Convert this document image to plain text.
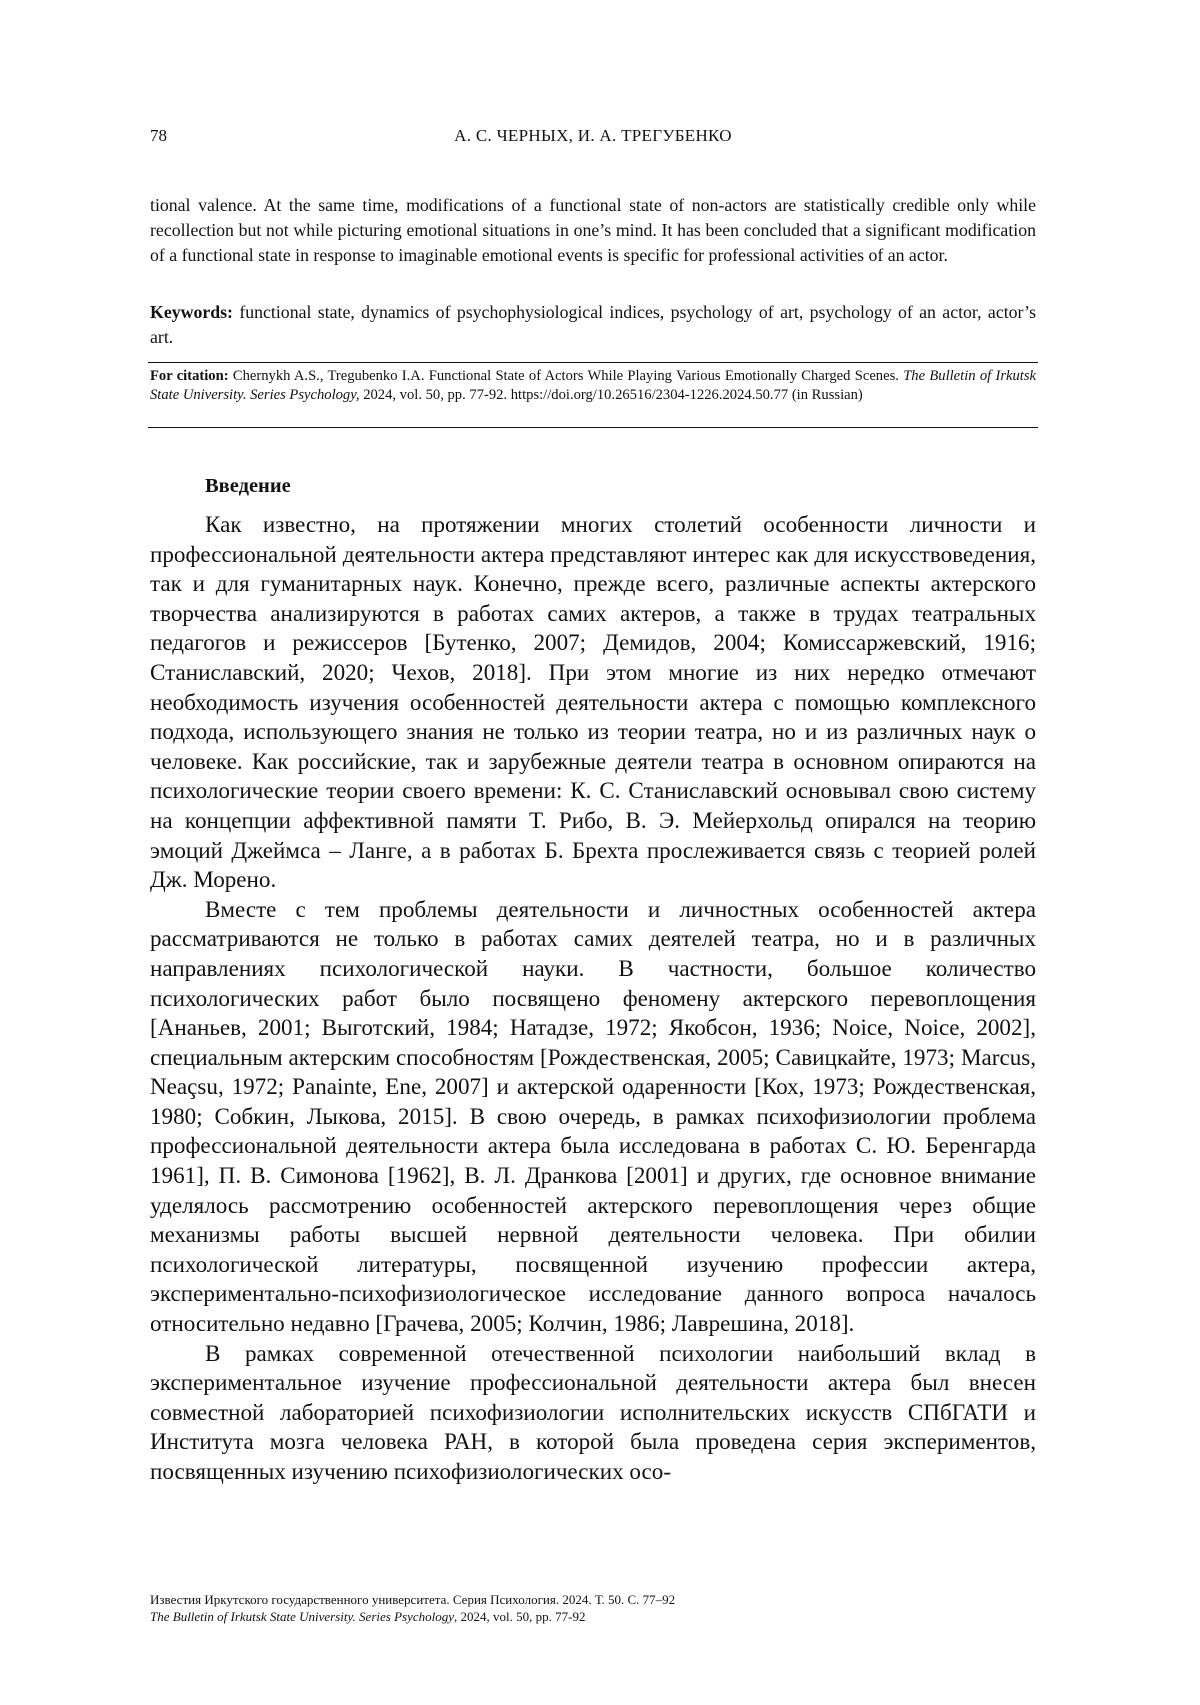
78	А. С. ЧЕРНЫХ, И. А. ТРЕГУБЕНКО
tional valence. At the same time, modifications of a functional state of non-actors are statistically credible only while recollection but not while picturing emotional situations in one’s mind. It has been concluded that a significant modification of a functional state in response to imaginable emotional events is specific for professional activities of an actor.
Keywords: functional state, dynamics of psychophysiological indices, psychology of art, psychology of an actor, actor’s art.
For citation: Chernykh A.S., Tregubenko I.A. Functional State of Actors While Playing Various Emotionally Charged Scenes. The Bulletin of Irkutsk State University. Series Psychology, 2024, vol. 50, pp. 77-92. https://doi.org/10.26516/2304-1226.2024.50.77 (in Russian)
Введение

Как известно, на протяжении многих столетий особенности личности и профессиональной деятельности актера представляют интерес как для искусствоведения, так и для гуманитарных наук. Конечно, прежде всего, различные аспекты актерского творчества анализируются в работах самих актеров, а также в трудах театральных педагогов и режиссеров [Бутенко, 2007; Демидов, 2004; Комиссаржевский, 1916; Станиславский, 2020; Чехов, 2018]. При этом многие из них нередко отмечают необходимость изучения особенностей деятельности актера с помощью комплексного подхода, использующего знания не только из теории театра, но и из различных наук о человеке. Как российские, так и зарубежные деятели театра в основном опираются на психологические теории своего времени: К. С. Станиславский основывал свою систему на концепции аффективной памяти Т. Рибо, В. Э. Мейерхольд опирался на теорию эмоций Джеймса – Ланге, а в работах Б. Брехта прослеживается связь с теорией ролей Дж. Морено.

Вместе с тем проблемы деятельности и личностных особенностей актера рассматриваются не только в работах самих деятелей театра, но и в различных направлениях психологической науки. В частности, большое количество психологических работ было посвящено феномену актерского перевоплощения [Ананьев, 2001; Выготский, 1984; Натадзе, 1972; Якобсон, 1936; Noice, Noice, 2002], специальным актерским способностям [Рождественская, 2005; Савицкайте, 1973; Marcus, Neaçsu, 1972; Panainte, Ene, 2007] и актерской одаренности [Кох, 1973; Рождественская, 1980; Собкин, Лыкова, 2015]. В свою очередь, в рамках психофизиологии проблема профессиональной деятельности актера была исследована в работах С. Ю. Беренгарда 1961], П. В. Симонова [1962], В. Л. Дранкова [2001] и других, где основное внимание уделялось рассмотрению особенностей актерского перевоплощения через общие механизмы работы высшей нервной деятельности человека. При обилии психологической литературы, посвященной изучению профессии актера, экспериментально-психофизиологическое исследование данного вопроса началось относительно недавно [Грачева, 2005; Колчин, 1986; Лаврешина, 2018].

В рамках современной отечественной психологии наибольший вклад в экспериментальное изучение профессиональной деятельности актера был внесен совместной лабораторией психофизиологии исполнительских искусств СПбГАТИ и Института мозга человека РАН, в которой была проведена серия экспериментов, посвященных изучению психофизиологических осо-

Известия Иркутского государственного университета. Серия Психология. 2024. Т. 50. С. 77–92
The Bulletin of Irkutsk State University. Series Psychology, 2024, vol. 50, pp. 77-92
